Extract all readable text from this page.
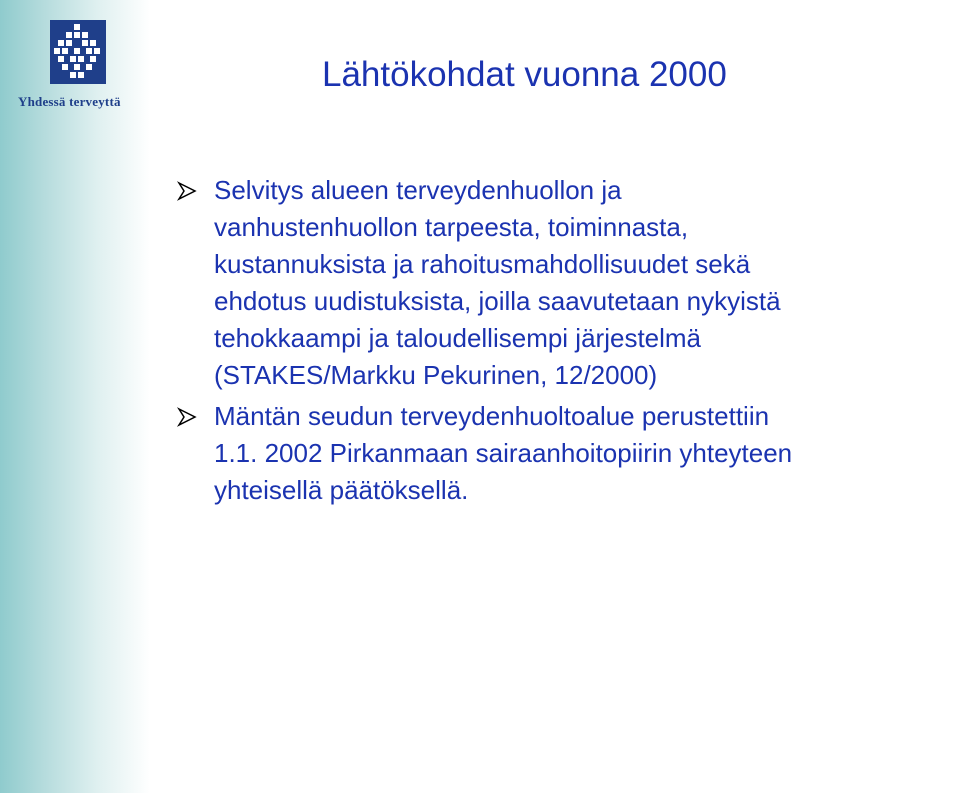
Yhdessä terveyttä
Lähtökohdat vuonna 2000
Selvitys alueen terveydenhuollon ja
vanhustenhuollon tarpeesta, toiminnasta,
kustannuksista ja rahoitusmahdollisuudet sekä
ehdotus uudistuksista, joilla saavutetaan nykyistä
tehokkaampi ja taloudellisempi järjestelmä
(STAKES/Markku Pekurinen, 12/2000)
Mäntän seudun terveydenhuoltoalue perustettiin
1.1. 2002 Pirkanmaan sairaanhoitopiirin yhteyteen
yhteisellä päätöksellä.
